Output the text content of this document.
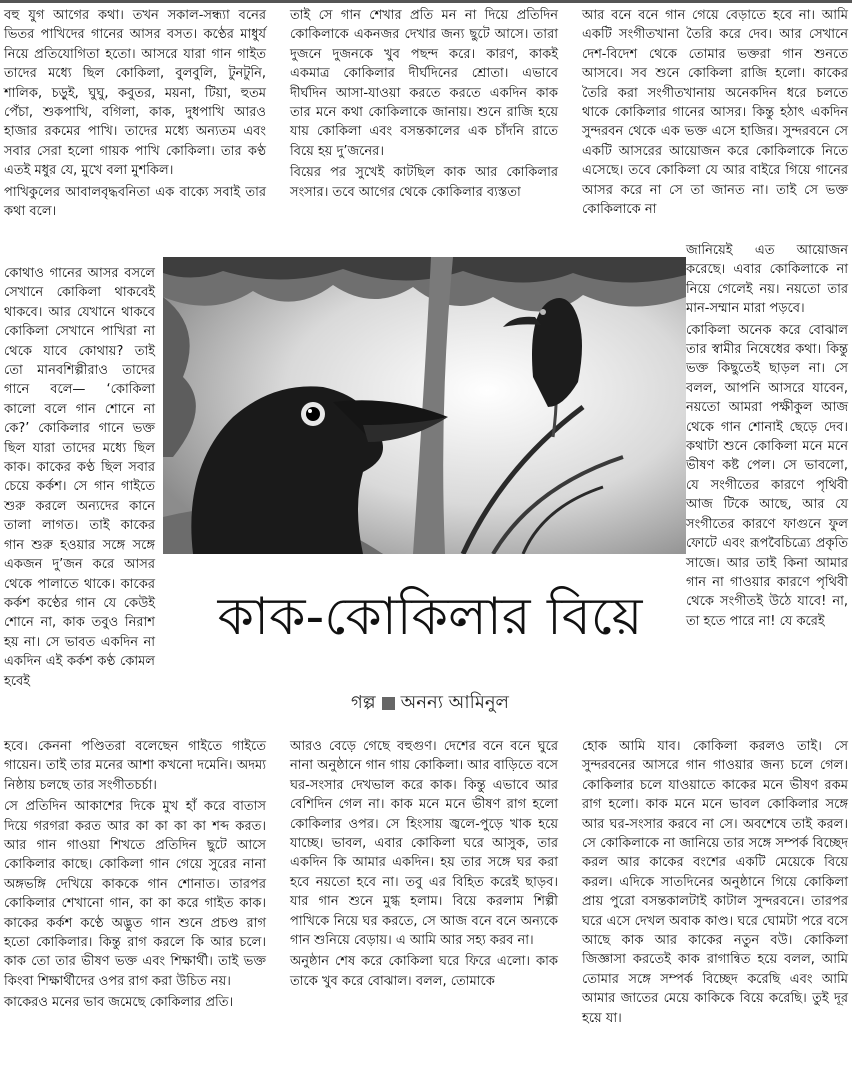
বহু যুগ আগের কথা। তখন সকাল-সন্ধ্যা বনের ভিতর পাখিদের গানের আসর বসত। কণ্ঠের মাধুর্য নিয়ে প্রতিযোগিতা হতো। আসরে যারা গান গাইত তাদের মধ্যে ছিল কোকিলা, বুলবুলি, টুনটুনি, শালিক, চড়ুই, ঘুঘু, কবুতর, ময়না, টিয়া, হুতম পেঁচা, শুকপাখি, বগিলা, কাক, দুধপাখি আরও হাজার রকমের পাখি। তাদের মধ্যে অন্যতম এবং সবার সেরা হলো গায়ক পাখি কোকিলা। তার কণ্ঠ এতই মধুর যে, মুখে বলা মুশকিল।

পাখিকুলের আবালবৃদ্ধবনিতা এক বাক্যে সবাই তার কথা বলে।

কোথাও গানের আসর বসলে সেখানে কোকিলা থাকবেই থাকবে। আর যেখানে থাকবে কোকিলা সেখানে পাখিরা না থেকে যাবে কোথায়? তাই তো মানবশিল্পীরাও তাদের গানে বলে— ‘কোকিলা কালো বলে গান শোনে না কে?’ কোকিলার গানে ভক্ত ছিল যারা তাদের মধ্যে ছিল কাক। কাকের কণ্ঠ ছিল সবার চেয়ে কর্কশ। সে গান গাইতে শুরু করলে অন্যদের কানে তালা লাগত। তাই কাকের গান শুরু হওয়ার সঙ্গে সঙ্গে একজন দু’জন করে আসর থেকে পালাতে থাকে। কাকের কর্কশ কণ্ঠের গান যে কেউই শোনে না, কাক তবুও নিরাশ হয় না। সে ভাবত একদিন না একদিন এই কর্কশ কণ্ঠ কোমল হবেই

হবে। কেননা পণ্ডিতরা বলেছেন গাইতে গাইতে গায়েন। তাই তার মনের আশা কখনো দমেনি। অদম্য নিষ্ঠায় চলছে তার সংগীতচর্চা।

সে প্রতিদিন আকাশের দিকে মুখ হাঁ করে বাতাস দিয়ে গরগরা করত আর কা কা কা কা শব্দ করত। আর গান গাওয়া শিখতে প্রতিদিন ছুটে আসে কোকিলার কাছে। কোকিলা গান গেয়ে সুরের নানা অঙ্গভঙ্গি দেখিয়ে কাককে গান শোনাত। তারপর কোকিলার শেখানো গান, কা কা করে গাইত কাক। কাকের কর্কশ কণ্ঠে অদ্ভুত গান শুনে প্রচণ্ড রাগ হতো কোকিলার। কিন্তু রাগ করলে কি আর চলে। কাক তো তার ভীষণ ভক্ত এবং শিক্ষার্থী। তাই ভক্ত কিংবা শিক্ষার্থীদের ওপর রাগ করা উচিত নয়।

কাকেরও মনের ভাব জমেছে কোকিলার প্রতি।

তাই সে গান শেখার প্রতি মন না দিয়ে প্রতিদিন কোকিলাকে একনজর দেখার জন্য ছুটে আসে। তারা দুজনে দুজনকে খুব পছন্দ করে। কারণ, কাকই একমাত্র কোকিলার দীর্ঘদিনের শ্রোতা। এভাবে দীর্ঘদিন আসা-যাওয়া করতে করতে একদিন কাক তার মনে কথা কোকিলাকে জানায়। শুনে রাজি হয়ে যায় কোকিলা এবং বসন্তকালের এক চাঁদনি রাতে বিয়ে হয় দু’জনের।

বিয়ের পর সুখেই কাটছিল কাক আর কোকিলার সংসার। তবে আগের থেকে কোকিলার ব্যস্ততা

আরও বেড়ে গেছে বহুগুণ। দেশের বনে বনে ঘুরে নানা অনুষ্ঠানে গান গায় কোকিলা। আর বাড়িতে বসে ঘর-সংসার দেখভাল করে কাক। কিন্তু এভাবে আর বেশিদিন গেল না। কাক মনে মনে ভীষণ রাগ হলো কোকিলার ওপর। সে হিংসায় জ্বলে-পুড়ে খাক হয়ে যাচ্ছে। ভাবল, এবার কোকিলা ঘরে আসুক, তার একদিন কি আমার একদিন। হয় তার সঙ্গে ঘর করা হবে নয়তো হবে না। তবু এর বিহিত করেই ছাড়ব। যার গান শুনে মুগ্ধ হলাম। বিয়ে করলাম শিল্পী পাখিকে নিয়ে ঘর করতে, সে আজ বনে বনে অন্যকে গান শুনিয়ে বেড়ায়। এ আমি আর সহ্য করব না।

অনুষ্ঠান শেষ করে কোকিলা ঘরে ফিরে এলো। কাক তাকে খুব করে বোঝাল। বলল, তোমাকে

আর বনে বনে গান গেয়ে বেড়াতে হবে না। আমি একটি সংগীতখানা তৈরি করে দেব। আর সেখানে দেশ-বিদেশ থেকে তোমার ভক্তরা গান শুনতে আসবে। সব শুনে কোকিলা রাজি হলো। কাকের তৈরি করা সংগীতখানায় অনেকদিন ধরে চলতে থাকে কোকিলার গানের আসর। কিন্তু হঠাৎ একদিন সুন্দরবন থেকে এক ভক্ত এসে হাজির। সুন্দরবনে সে একটি আসরের আয়োজন করে কোকিলাকে নিতে এসেছে। তবে কোকিলা যে আর বাইরে গিয়ে গানের আসর করে না সে তা জানত না। তাই সে ভক্ত কোকিলাকে না

জানিয়েই এত আয়োজন করেছে। এবার কোকিলাকে না নিয়ে গেলেই নয়। নয়তো তার মান-সম্মান মারা পড়বে।

কোকিলা অনেক করে বোঝাল তার স্বামীর নিষেধের কথা। কিন্তু ভক্ত কিছুতেই ছাড়ল না। সে বলল, আপনি আসরে যাবেন, নয়তো আমরা পক্ষীকুল আজ থেকে গান শোনাই ছেড়ে দেব। কথাটা শুনে কোকিলা মনে মনে ভীষণ কষ্ট পেল। সে ভাবলো, যে সংগীতের কারণে পৃথিবী আজ টিকে আছে, আর যে সংগীতের কারণে ফাগুনে ফুল ফোটে এবং রূপবৈচিত্র্যে প্রকৃতি সাজে। আর তাই কিনা আমার গান না গাওয়ার কারণে পৃথিবী থেকে সংগীতই উঠে যাবে! না, তা হতে পারে না! যে করেই

হোক আমি যাব। কোকিলা করলও তাই। সে সুন্দরবনের আসরে গান গাওয়ার জন্য চলে গেল। কোকিলার চলে যাওয়াতে কাকের মনে ভীষণ রকম রাগ হলো। কাক মনে মনে ভাবল কোকিলার সঙ্গে আর ঘর-সংসার করবে না সে। অবশেষে তাই করল। সে কোকিলাকে না জানিয়ে তার সঙ্গে সম্পর্ক বিচ্ছেদ করল আর কাকের বংশের একটি মেয়েকে বিয়ে করল। এদিকে সাতদিনের অনুষ্ঠানে গিয়ে কোকিলা প্রায় পুরো বসন্তকালটাই কাটাল সুন্দরবনে। তারপর ঘরে এসে দেখল অবাক কাণ্ড। ঘরে ঘোমটা পরে বসে আছে কাক আর কাকের নতুন বউ। কোকিলা জিজ্ঞাসা করতেই কাক রাগান্বিত হয়ে বলল, আমি তোমার সঙ্গে সম্পর্ক বিচ্ছেদ করেছি এবং আমি আমার জাতের মেয়ে কাকিকে বিয়ে করেছি। তুই দূর হয়ে যা।

কাক-কোকিলার বিয়ে
গল্প অনন্য আমিনুল
